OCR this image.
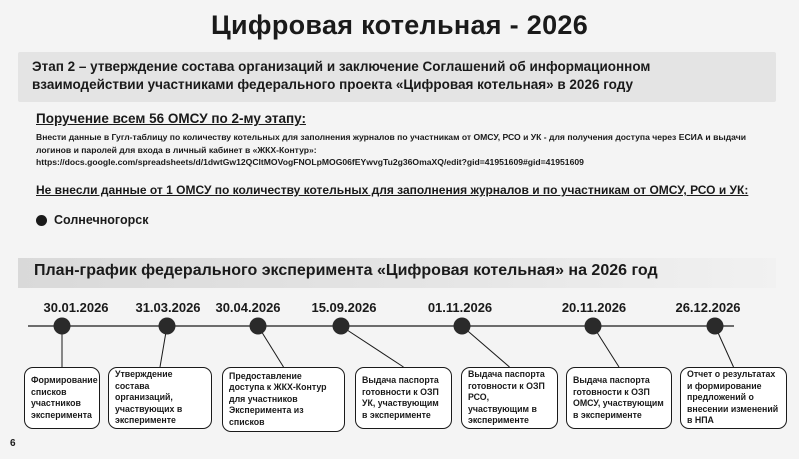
Цифровая котельная - 2026
Этап 2 – утверждение состава организаций и заключение Соглашений об информационном взаимодействии участниками федерального проекта «Цифровая котельная» в 2026 году
Поручение всем 56 ОМСУ по 2-му этапу:
Внести данные в Гугл-таблицу по количеству котельных для заполнения журналов по участникам от ОМСУ, РСО и УК - для получения доступа через ЕСИА и выдачи логинов и паролей для входа в личный кабинет в «ЖКХ-Контур»:
https://docs.google.com/spreadsheets/d/1dwtGw12QCltMOVogFNOLpMOG06fEYwvgTu2g36OmaXQ/edit?gid=41951609#gid=41951609
Не внесли данные от 1 ОМСУ по количеству котельных для заполнения журналов и по участникам от ОМСУ, РСО и УК:
Солнечногорск
План-график федерального эксперимента «Цифровая котельная» на 2026 год
30.01.2026 31.03.2026 30.04.2026 15.09.2026	01.11.2026	20.11.2026	26.12.2026
Формирование списков участников эксперимента
Утверждение состава организаций, участвующих в эксперименте
Предоставление доступа к ЖКХ-Контур для участников Эксперимента из списков
Выдача паспорта готовности к ОЗП УК, участвующим в эксперименте
Выдача паспорта готовности к ОЗП РСО, участвующим в эксперименте
Выдача паспорта готовности к ОЗП ОМСУ, участвующим в эксперименте
Отчет о результатах и формирование предложений о внесении изменений в НПА
6
